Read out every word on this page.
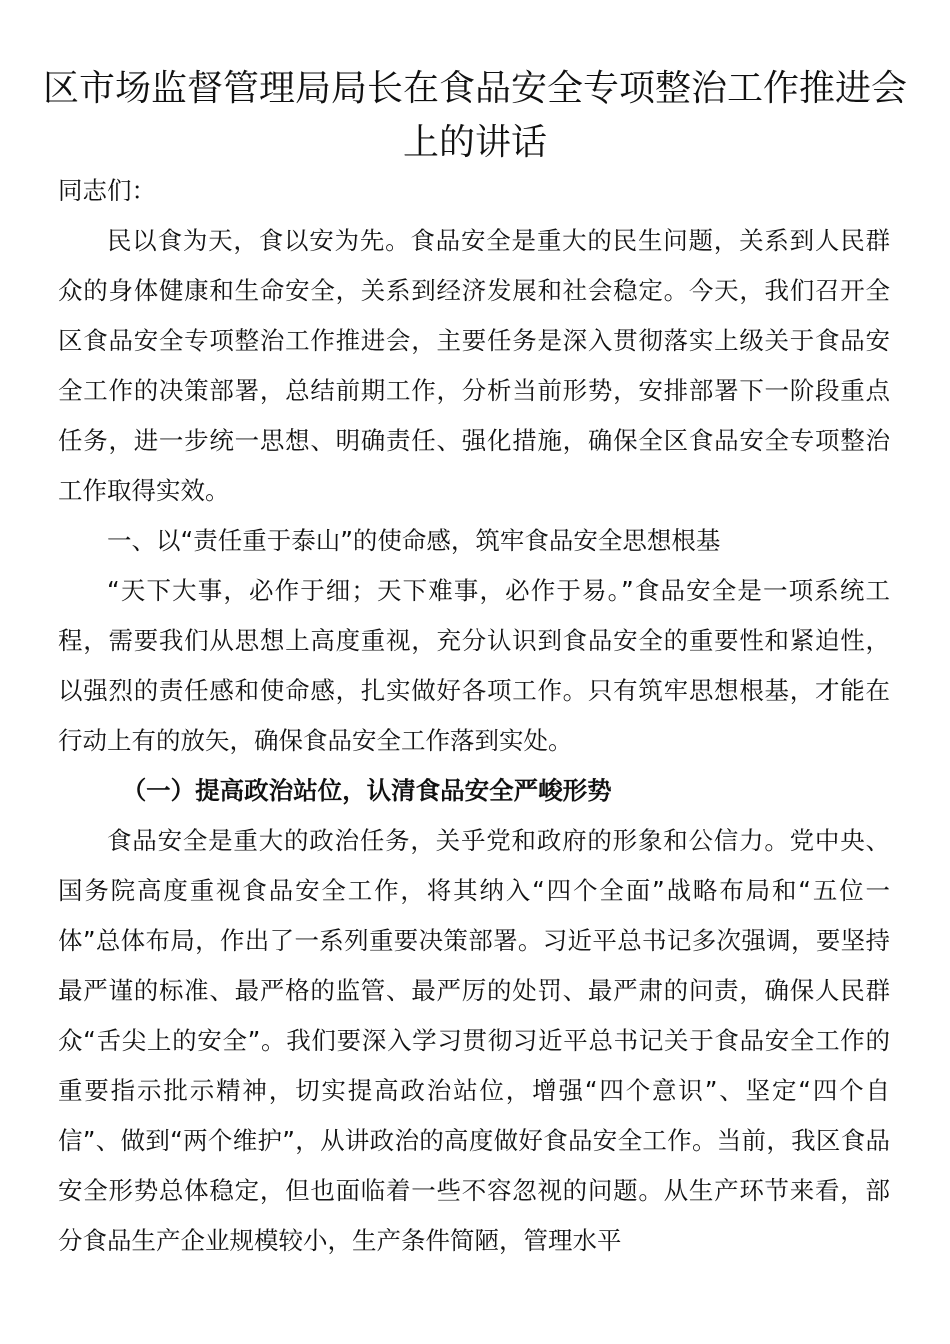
区市场监督管理局局长在食品安全专项整治工作推进会上的讲话

同志们：

民以食为天，食以安为先。食品安全是重大的民生问题，关系到人民群众的身体健康和生命安全，关系到经济发展和社会稳定。今天，我们召开全区食品安全专项整治工作推进会，主要任务是深入贯彻落实上级关于食品安全工作的决策部署，总结前期工作，分析当前形势，安排部署下一阶段重点任务，进一步统一思想、明确责任、强化措施，确保全区食品安全专项整治工作取得实效。

一、以“责任重于泰山”的使命感，筑牢食品安全思想根基

“天下大事，必作于细；天下难事，必作于易。”食品安全是一项系统工程，需要我们从思想上高度重视，充分认识到食品安全的重要性和紧迫性，以强烈的责任感和使命感，扎实做好各项工作。只有筑牢思想根基，才能在行动上有的放矢，确保食品安全工作落到实处。

（一）提高政治站位，认清食品安全严峻形势

食品安全是重大的政治任务，关乎党和政府的形象和公信力。党中央、国务院高度重视食品安全工作，将其纳入“四个全面”战略布局和“五位一体”总体布局，作出了一系列重要决策部署。习近平总书记多次强调，要坚持最严谨的标准、最严格的监管、最严厉的处罚、最严肃的问责，确保人民群众“舌尖上的安全”。我们要深入学习贯彻习近平总书记关于食品安全工作的重要指示批示精神，切实提高政治站位，增强“四个意识”、坚定“四个自信”、做到“两个维护”，从讲政治的高度做好食品安全工作。当前，我区食品安全形势总体稳定，但也面临着一些不容忽视的问题。从生产环节来看，部分食品生产企业规模较小，生产条件简陋，管理水平
